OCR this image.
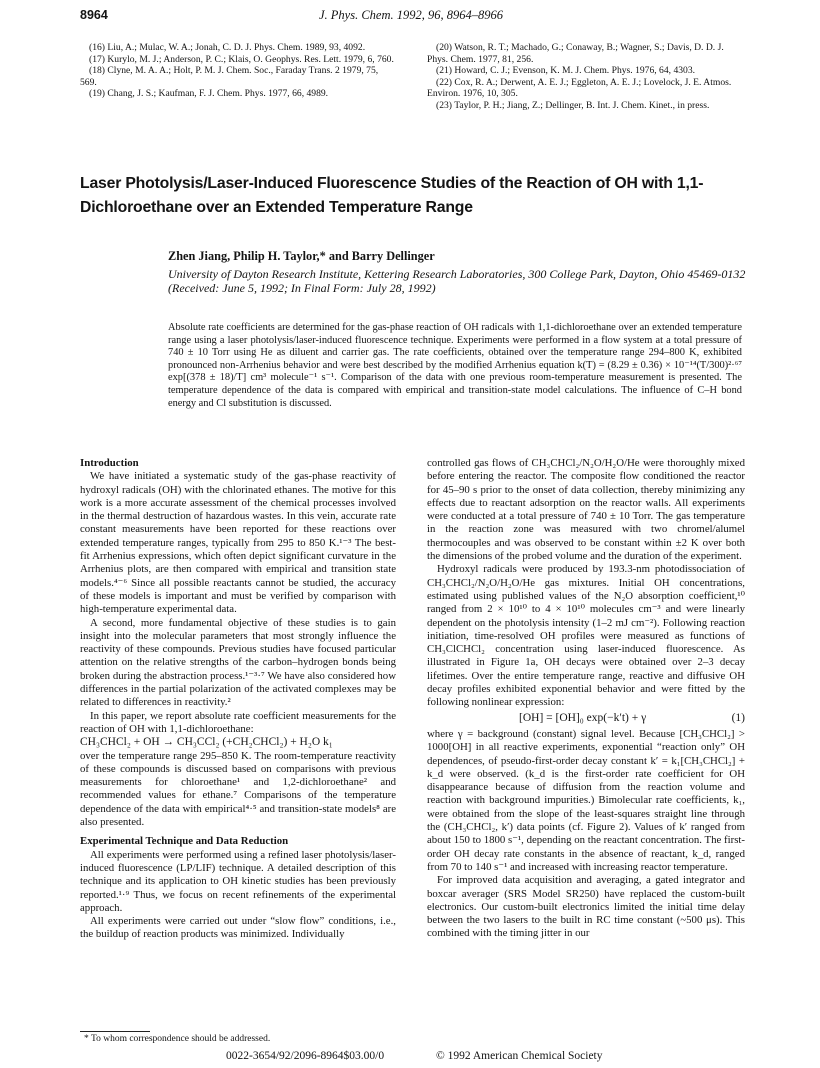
8964	J. Phys. Chem. 1992, 96, 8964–8966

(16) Liu, A.; Mulac, W. A.; Jonah, C. D. J. Phys. Chem. 1989, 93, 4092.

(17) Kurylo, M. J.; Anderson, P. C.; Klais, O. Geophys. Res. Lett. 1979, 6, 760.

(18) Clyne, M. A. A.; Holt, P. M. J. Chem. Soc., Faraday Trans. 2 1979, 75, 569.

(19) Chang, J. S.; Kaufman, F. J. Chem. Phys. 1977, 66, 4989.

(20) Watson, R. T.; Machado, G.; Conaway, B.; Wagner, S.; Davis, D. D. J. Phys. Chem. 1977, 81, 256.

(21) Howard, C. J.; Evenson, K. M. J. Chem. Phys. 1976, 64, 4303.

(22) Cox, R. A.; Derwent, A. E. J.; Eggleton, A. E. J.; Lovelock, J. E. Atmos. Environ. 1976, 10, 305.

(23) Taylor, P. H.; Jiang, Z.; Dellinger, B. Int. J. Chem. Kinet., in press.

Laser Photolysis/Laser-Induced Fluorescence Studies of the Reaction of OH with 1,1-Dichloroethane over an Extended Temperature Range
Zhen Jiang, Philip H. Taylor,* and Barry Dellinger
University of Dayton Research Institute, Kettering Research Laboratories, 300 College Park, Dayton, Ohio 45469-0132 (Received: June 5, 1992; In Final Form: July 28, 1992)
Absolute rate coefficients are determined for the gas-phase reaction of OH radicals with 1,1-dichloroethane over an extended temperature range using a laser photolysis/laser-induced fluorescence technique. Experiments were performed in a flow system at a total pressure of 740 ± 10 Torr using He as diluent and carrier gas. The rate coefficients, obtained over the temperature range 294–800 K, exhibited pronounced non-Arrhenius behavior and were best described by the modified Arrhenius equation k(T) = (8.29 ± 0.36) × 10⁻¹⁴(T/300)²·⁶⁷ exp[(378 ± 18)/T] cm³ molecule⁻¹ s⁻¹. Comparison of the data with one previous room-temperature measurement is presented. The temperature dependence of the data is compared with empirical and transition-state model calculations. The influence of C–H bond energy and Cl substitution is discussed.

Introduction

We have initiated a systematic study of the gas-phase reactivity of hydroxyl radicals (OH) with the chlorinated ethanes. The motive for this work is a more accurate assessment of the chemical processes involved in the thermal destruction of hazardous wastes. In this vein, accurate rate constant measurements have been reported for these reactions over extended temperature ranges, typically from 295 to 850 K.¹⁻³ The best-fit Arrhenius expressions, which often depict significant curvature in the Arrhenius plots, are then compared with empirical and transition state models.⁴⁻⁶ Since all possible reactants cannot be studied, the accuracy of these models is important and must be verified by comparison with high-temperature experimental data.

A second, more fundamental objective of these studies is to gain insight into the molecular parameters that most strongly influence the reactivity of these compounds. Previous studies have focused particular attention on the relative strengths of the carbon–hydrogen bonds being broken during the abstraction process.¹⁻³·⁷ We have also considered how differences in the partial polarization of the activated complexes may be related to differences in reactivity.²

In this paper, we report absolute rate coefficient measurements for the reaction of OH with 1,1-dichloroethane:

CH₃CHCl₂ + OH → CH₃CCl₂ (+CH₂CHCl₂) + H₂O k₁

over the temperature range 295–850 K. The room-temperature reactivity of these compounds is discussed based on comparisons with previous measurements for chloroethane¹ and 1,2-dichloroethane² and recommended values for ethane.⁷ Comparisons of the temperature dependence of the data with empirical⁴·⁵ and transition-state models⁸ are also presented.

Experimental Technique and Data Reduction

All experiments were performed using a refined laser photolysis/laser-induced fluorescence (LP/LIF) technique. A detailed description of this technique and its application to OH kinetic studies has been previously reported.¹·⁹ Thus, we focus on recent refinements of the experimental approach.

All experiments were carried out under “slow flow” conditions, i.e., the buildup of reaction products was minimized. Individually

controlled gas flows of CH₃CHCl₂/N₂O/H₂O/He were thoroughly mixed before entering the reactor. The composite flow conditioned the reactor for 45–90 s prior to the onset of data collection, thereby minimizing any effects due to reactant adsorption on the reactor walls. All experiments were conducted at a total pressure of 740 ± 10 Torr. The gas temperature in the reaction zone was measured with two chromel/alumel thermocouples and was observed to be constant within ±2 K over both the dimensions of the probed volume and the duration of the experiment.

Hydroxyl radicals were produced by 193.3-nm photodissociation of CH₃CHCl₂/N₂O/H₂O/He gas mixtures. Initial OH concentrations, estimated using published values of the N₂O absorption coefficient,¹⁰ ranged from 2 × 10¹⁰ to 4 × 10¹⁰ molecules cm⁻³ and were linearly dependent on the photolysis intensity (1–2 mJ cm⁻²). Following reaction initiation, time-resolved OH profiles were measured as functions of CH₃ClCHCl₂ concentration using laser-induced fluorescence. As illustrated in Figure 1a, OH decays were obtained over 2–3 decay lifetimes. Over the entire temperature range, reactive and diffusive OH decay profiles exhibited exponential behavior and were fitted by the following nonlinear expression:

[OH] = [OH]₀ exp(−k′t) + γ	(1)

where γ = background (constant) signal level. Because [CH₃CHCl₂] > 1000[OH] in all reactive experiments, exponential “reaction only” OH dependences, of pseudo-first-order decay constant k′ = k₁[CH₃CHCl₂] + k_d were observed. (k_d is the first-order rate coefficient for OH disappearance because of diffusion from the reaction volume and reaction with background impurities.) Bimolecular rate coefficients, k₁, were obtained from the slope of the least-squares straight line through the (CH₃CHCl₂, k′) data points (cf. Figure 2). Values of k′ ranged from about 150 to 1800 s⁻¹, depending on the reactant concentration. The first-order OH decay rate constants in the absence of reactant, k_d, ranged from 70 to 140 s⁻¹ and increased with increasing reactor temperature.

For improved data acquisition and averaging, a gated integrator and boxcar averager (SRS Model SR250) have replaced the custom-built electronics. Our custom-built electronics limited the initial time delay between the two lasers to the built in RC time constant (~500 μs). This combined with the timing jitter in our

* To whom correspondence should be addressed.
0022-3654/92/2096-8964$03.00/0	© 1992 American Chemical Society
